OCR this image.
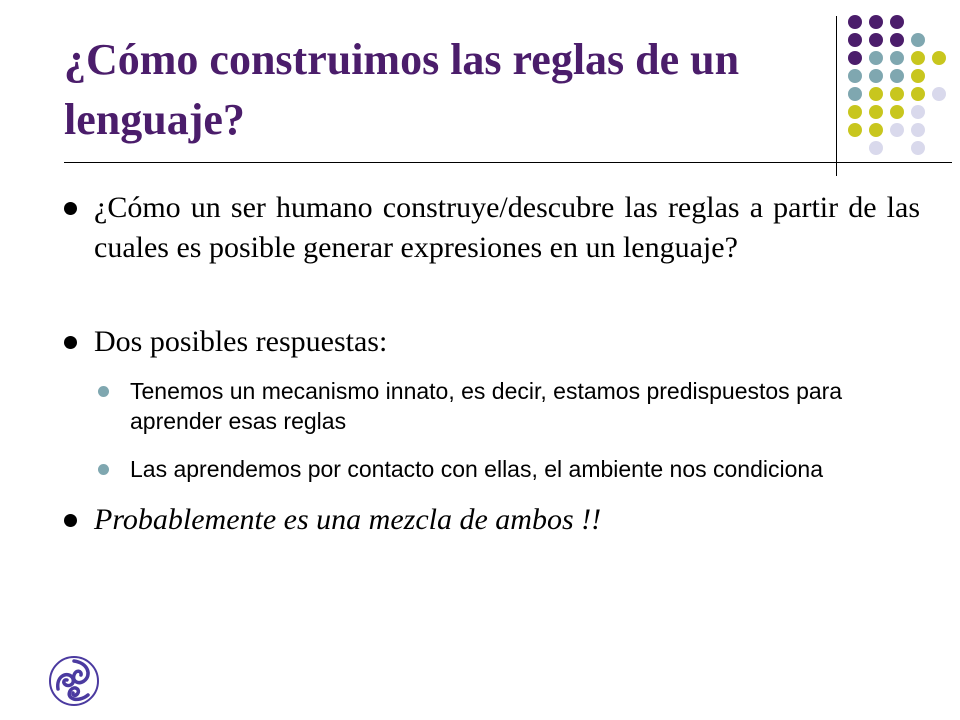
¿Cómo construimos las reglas de un lenguaje?

¿Cómo un ser humano construye/descubre las reglas a partir de las cuales es posible generar expresiones en un lenguaje?

Dos posibles respuestas:

Tenemos un mecanismo innato, es decir, estamos predispuestos para aprender esas reglas

Las aprendemos por contacto con ellas, el ambiente nos condiciona

Probablemente es una mezcla de ambos !!
